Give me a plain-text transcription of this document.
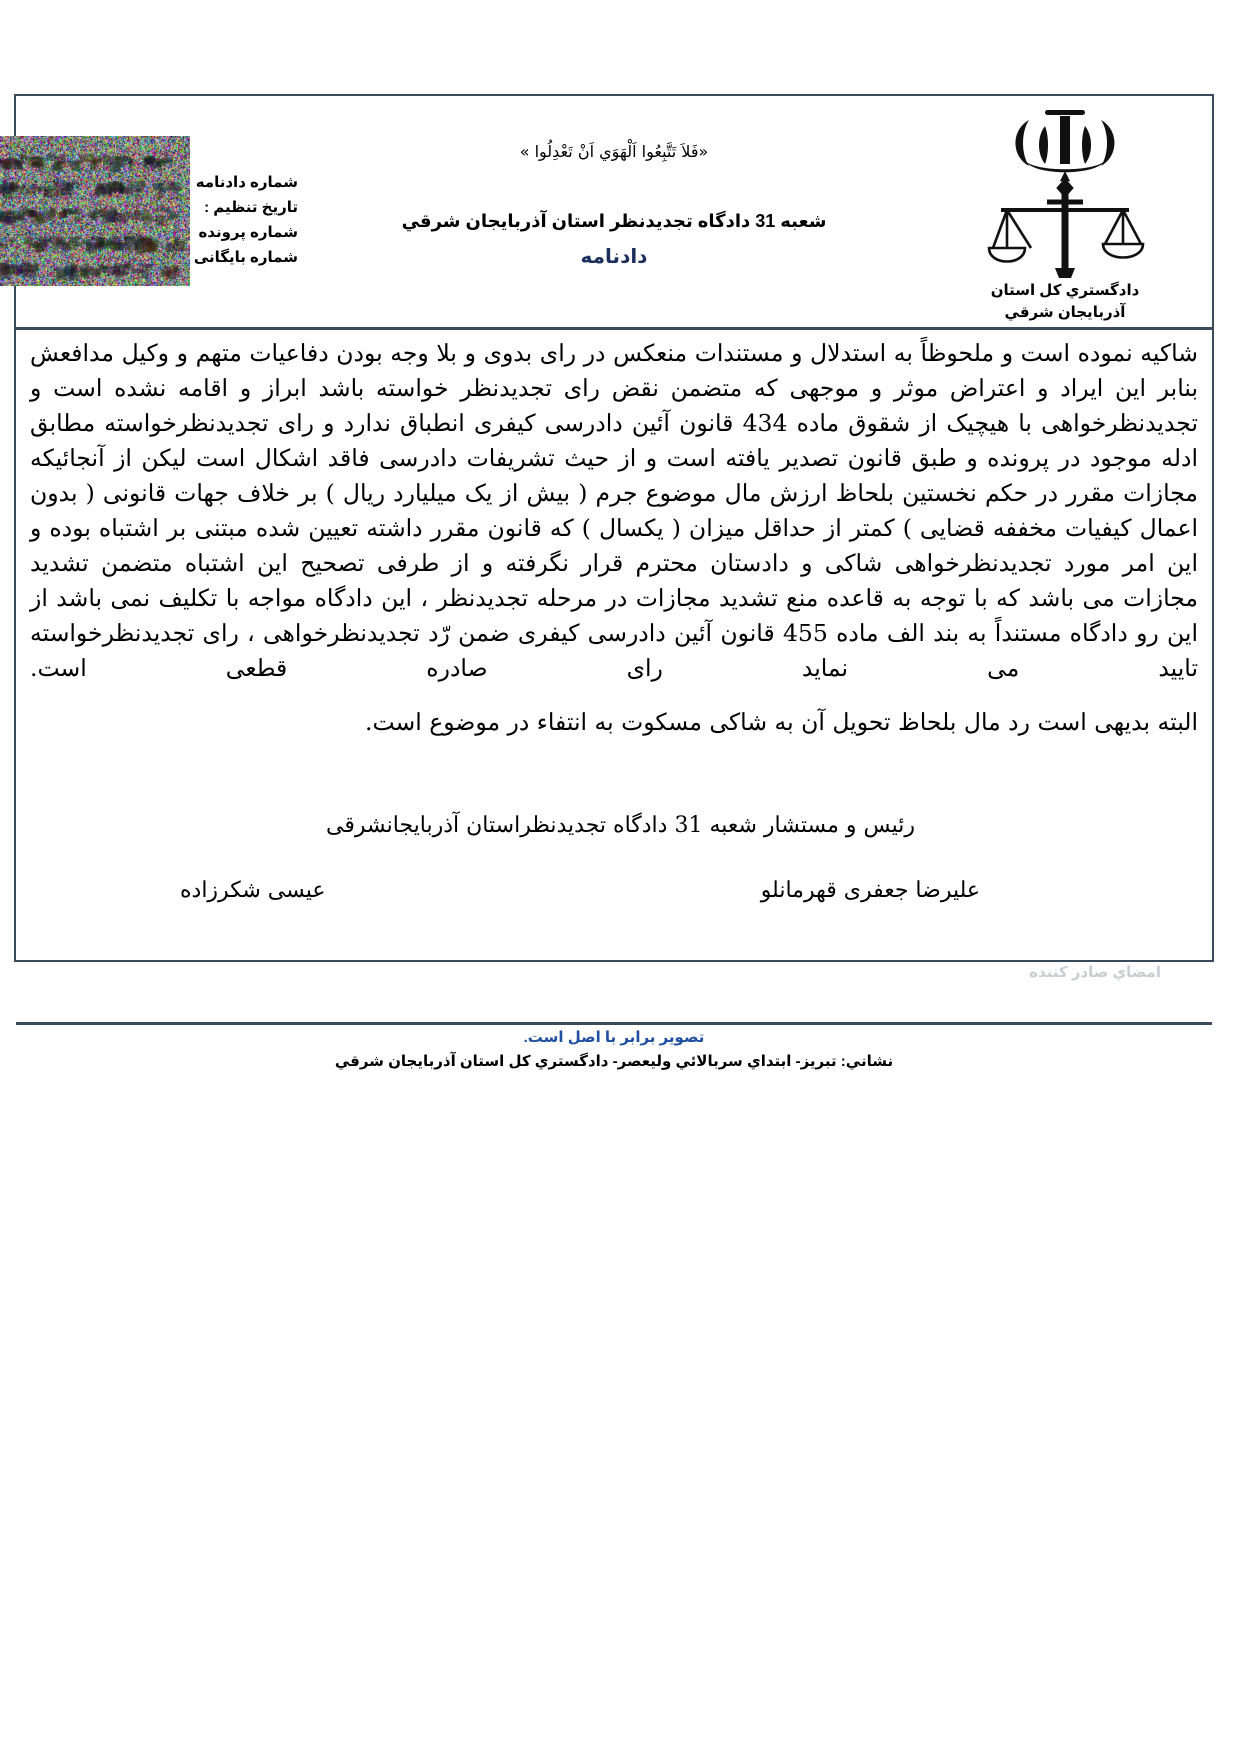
شماره دادنامه
تاریخ تنظیم :
شماره پرونده
شماره بایگانی
«فَلاَ تَتَّبِعُوا اَلْهَوَي اَنْ تَعْدِلُوا »
شعبه 31 دادگاه تجدیدنظر استان آذربایجان شرقي
دادنامه
دادگستري كل استان آذربايجان شرقي

شاكيه نموده است و ملحوظاً به استدلال و مستندات منعكس در رای بدوی و بلا وجه بودن دفاعيات متهم و وكيل مدافعش بنابر اين ايراد و اعتراض موثر و موجهی كه متضمن نقض رای تجديدنظر خواسته باشد ابراز و اقامه نشده است و تجديدنظرخواهی با هيچيک از شقوق ماده 434 قانون آئين دادرسی كيفری انطباق ندارد و رای تجديدنظرخواسته مطابق ادله موجود در پرونده و طبق قانون تصدير يافته است و از حيث تشريفات دادرسی فاقد اشكال است ليكن از آنجائيكه مجازات مقرر در حكم نخستين بلحاظ ارزش مال موضوع جرم ( بيش از يک ميليارد ريال ) بر خلاف جهات قانونی ( بدون اعمال كيفيات مخففه قضايی ) كمتر از حداقل ميزان ( يكسال ) كه قانون مقرر داشته تعيين شده مبتنی بر اشتباه بوده و اين امر مورد تجديدنظرخواهی شاكی و دادستان محترم قرار نگرفته و از طرفی تصحيح اين اشتباه متضمن تشديد مجازات می باشد كه با توجه به قاعده منع تشديد مجازات در مرحله تجديدنظر ، اين دادگاه مواجه با تكليف نمی باشد از اين رو دادگاه مستنداً به بند الف ماده 455 قانون آئين دادرسی كيفری ضمن رّد تجديدنظرخواهی ، رای تجديدنظرخواسته تاييد می نمايد رای صادره قطعی است.

البته بديهی است رد مال بلحاظ تحويل آن به شاكی مسكوت به انتفاء در موضوع است.
رئیس و مستشار شعبه 31 دادگاه تجدیدنظراستان آذربایجانشرقی
علیرضا جعفری قهرمانلو
عیسی شکرزاده
امضاي صادر كننده
تصویر برابر با اصل است.
نشاني: تبريز- ابتداي سربالائي وليعصر- دادگستري كل استان آذربايجان شرقي
